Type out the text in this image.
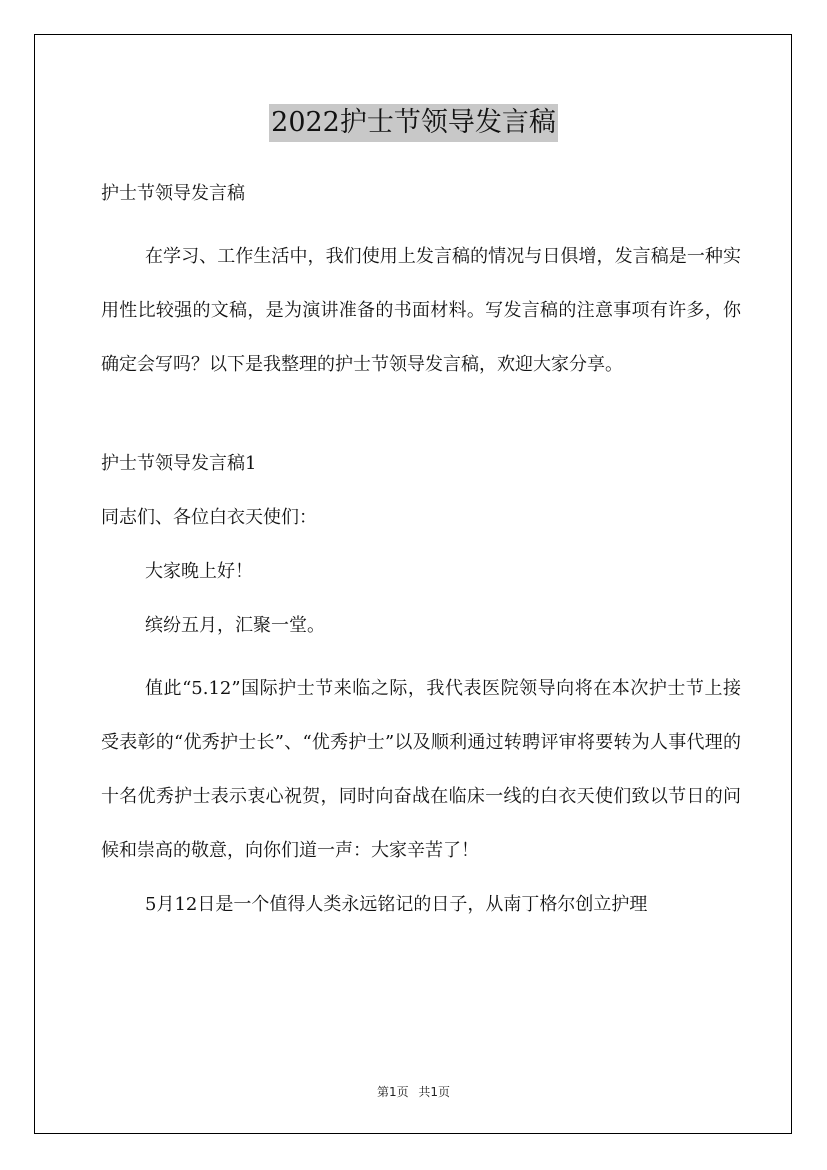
2022护士节领导发言稿
护士节领导发言稿
在学习、工作生活中，我们使用上发言稿的情况与日俱增，发言稿是一种实用性比较强的文稿，是为演讲准备的书面材料。写发言稿的注意事项有许多，你确定会写吗？以下是我整理的护士节领导发言稿，欢迎大家分享。
护士节领导发言稿1
同志们、各位白衣天使们：
大家晚上好！
缤纷五月，汇聚一堂。
值此“5.12”国际护士节来临之际，我代表医院领导向将在本次护士节上接受表彰的“优秀护士长”、“优秀护士”以及顺利通过转聘评审将要转为人事代理的十名优秀护士表示衷心祝贺，同时向奋战在临床一线的白衣天使们致以节日的问候和崇高的敬意，向你们道一声：大家辛苦了！
5月12日是一个值得人类永远铭记的日子，从南丁格尔创立护理
第1页 共1页
